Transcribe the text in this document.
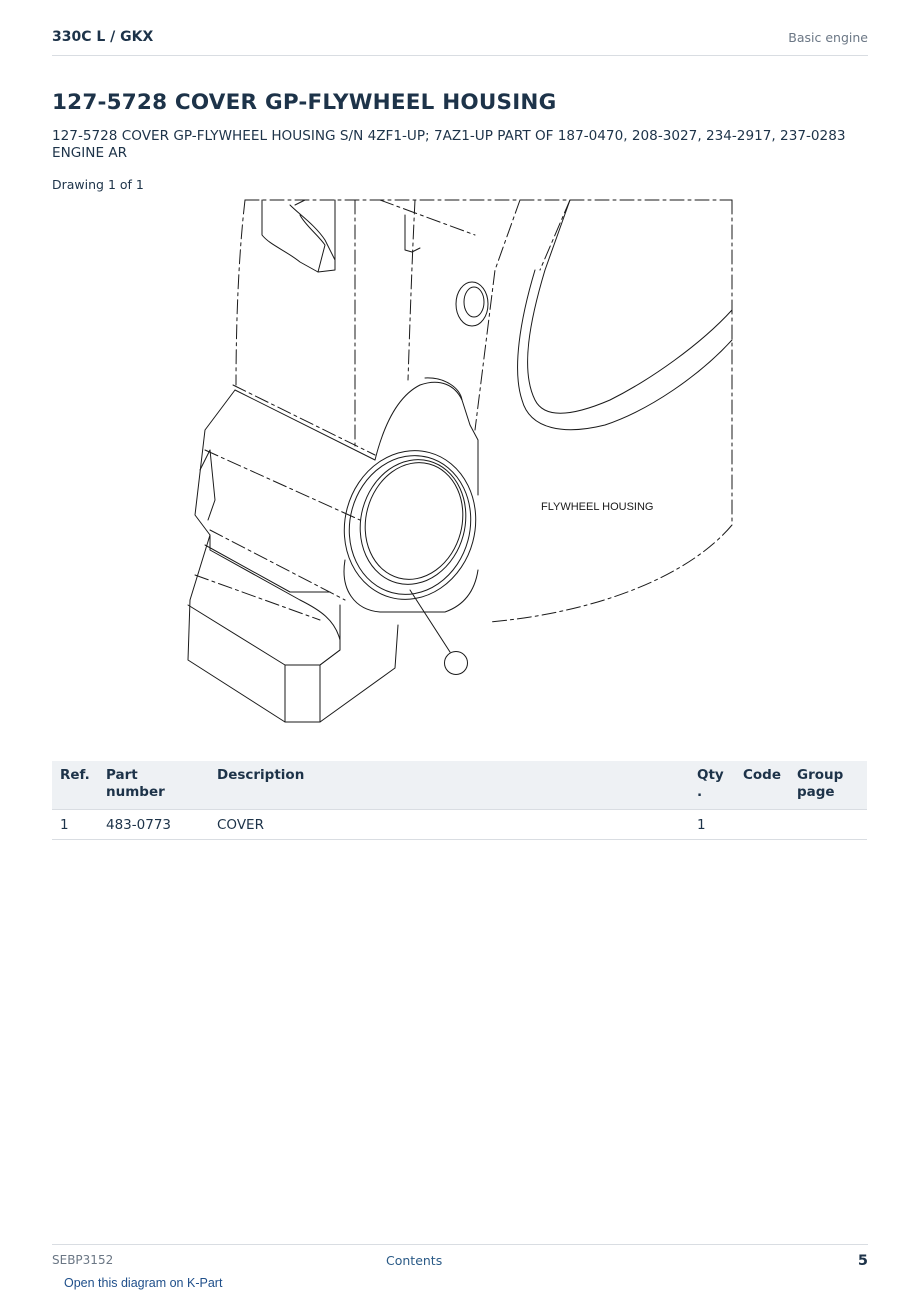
330C L / GKX	Basic engine
127-5728 COVER GP-FLYWHEEL HOUSING
127-5728 COVER GP-FLYWHEEL HOUSING S/N 4ZF1-UP; 7AZ1-UP PART OF 187-0470, 208-3027, 234-2917, 237-0283 ENGINE AR
Drawing 1 of 1
FLYWHEEL HOUSING
Ref.	Part number	Description	Qty .	Code	Group page
1	483-0773	COVER	1		
SEBP3152	Contents	5
Open this diagram on K-Part
